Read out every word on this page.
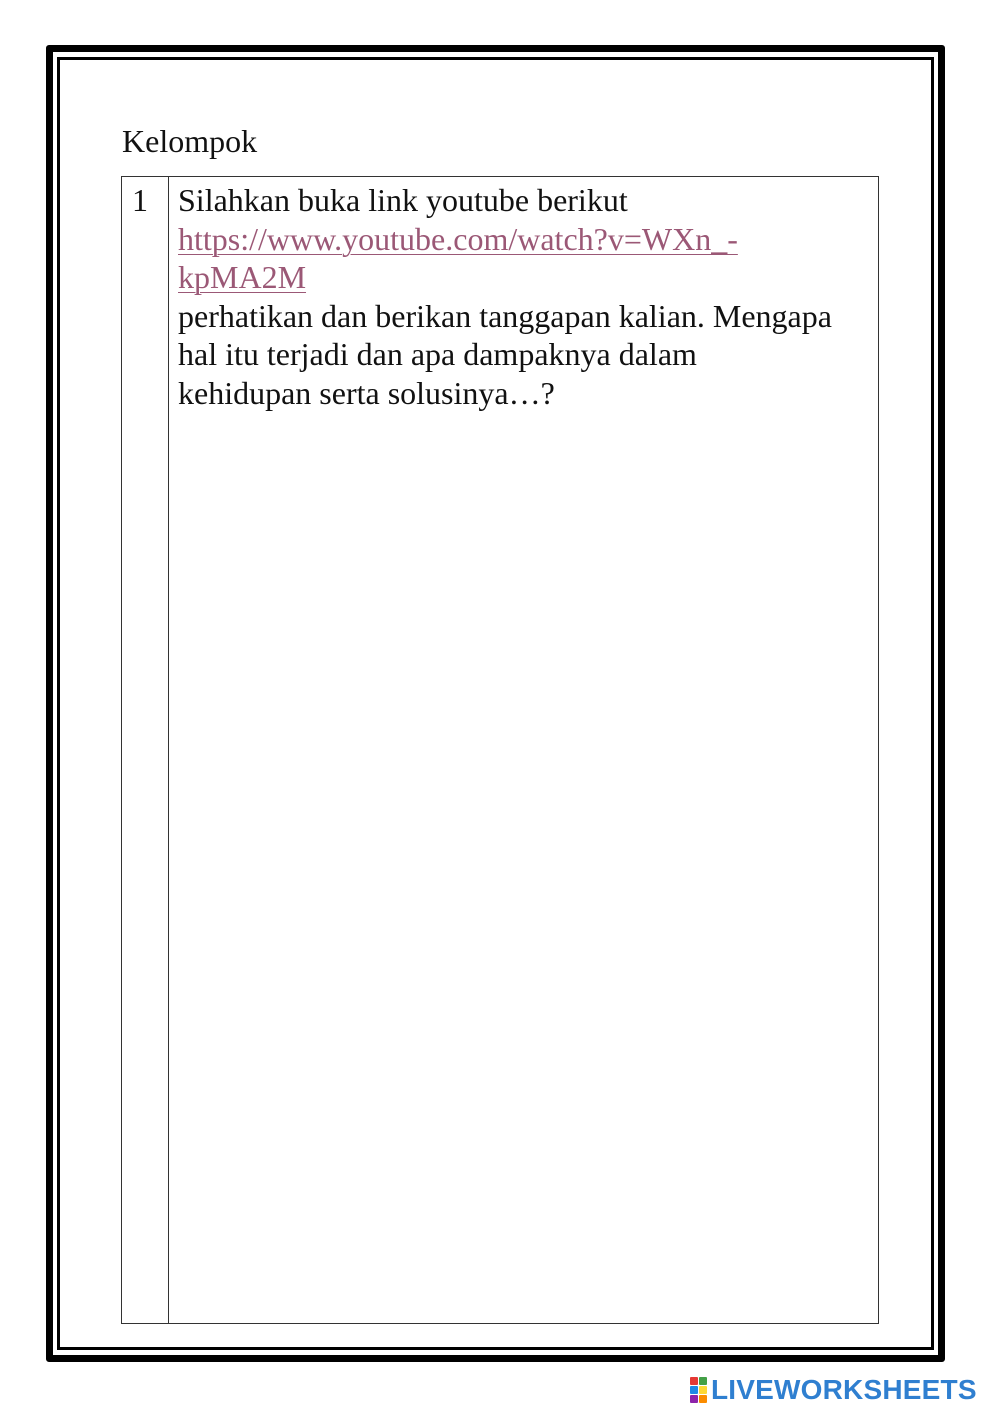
Kelompok
1 Silahkan buka link youtube berikut

https://www.youtube.com/watch?v=WXn_-

kpMA2M

perhatikan dan berikan tanggapan kalian. Mengapa

hal itu terjadi dan apa dampaknya dalam

kehidupan serta solusinya…?

LIVEWORKSHEETS
